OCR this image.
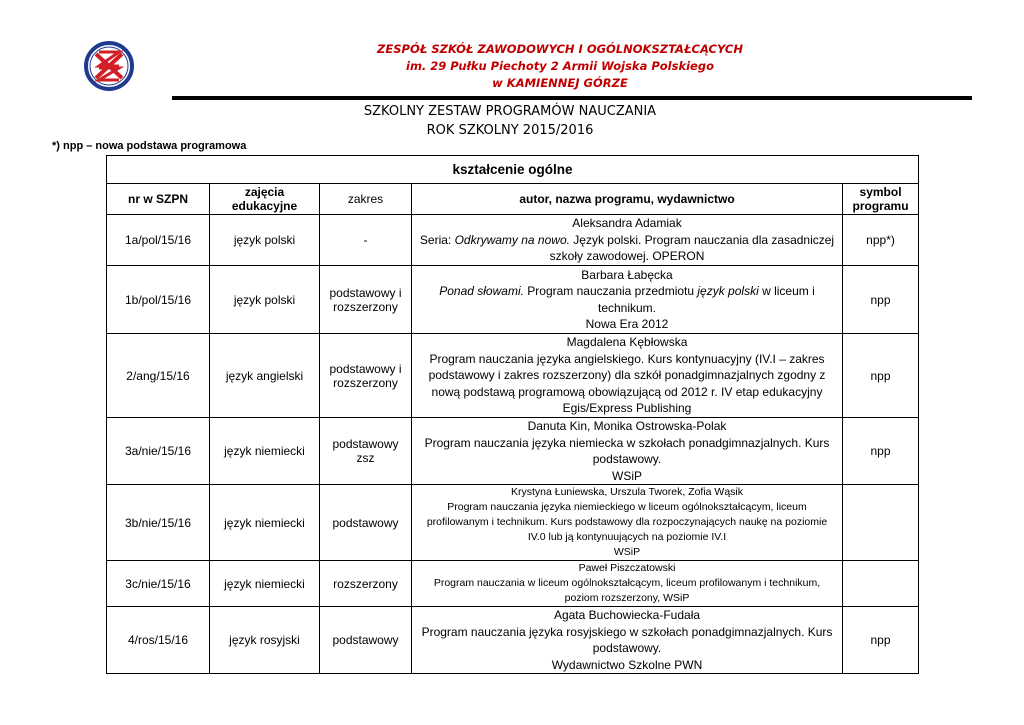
ZESPÓŁ SZKÓŁ ZAWODOWYCH I OGÓLNOKSZTAŁCĄCYCH
im. 29 Pułku Piechoty 2 Armii Wojska Polskiego
w KAMIENNEJ GÓRZE
SZKOLNY ZESTAW PROGRAMÓW NAUCZANIA
ROK SZKOLNY 2015/2016
*) npp – nowa podstawa programowa
kształcenie ogólne				
nr w SZPN	zajęcia edukacyjne	zakres	autor, nazwa programu, wydawnictwo	symbol programu
1a/pol/15/16	język polski	-	Aleksandra Adamiak
Seria: Odkrywamy na nowo. Język polski. Program nauczania dla zasadniczej
szkoły zawodowej. OPERON	npp*)
1b/pol/15/16	język polski	podstawowy i rozszerzony	Barbara Łabęcka
Ponad słowami. Program nauczania przedmiotu język polski w liceum i
technikum.
Nowa Era 2012	npp
2/ang/15/16	język angielski	podstawowy i rozszerzony	Magdalena Kębłowska
Program nauczania języka angielskiego. Kurs kontynuacyjny (IV.I – zakres
podstawowy i zakres rozszerzony) dla szkół ponadgimnazjalnych zgodny z
nową podstawą programową obowiązującą od 2012 r. IV etap edukacyjny
Egis/Express Publishing	npp
3a/nie/15/16	język niemiecki	podstawowy zsz	Danuta Kin, Monika Ostrowska-Polak
Program nauczania języka niemiecka w szkołach ponadgimnazjalnych. Kurs
podstawowy.
WSiP	npp
3b/nie/15/16	język niemiecki	podstawowy	Krystyna Łuniewska, Urszula Tworek, Zofia Wąsik
Program nauczania języka niemieckiego w liceum ogólnokształcącym, liceum
profilowanym i technikum. Kurs podstawowy dla rozpoczynających naukę na poziomie
IV.0 lub ją kontynuujących na poziomie IV.I
WSiP	

3c/nie/15/16	język niemiecki	rozszerzony	Paweł Piszczatowski
Program nauczania w liceum ogólnokształcącym, liceum profilowanym i technikum,
poziom rozszerzony, WSiP	

4/ros/15/16	język rosyjski	podstawowy	Agata Buchowiecka-Fudała
Program nauczania języka rosyjskiego w szkołach ponadgimnazjalnych. Kurs
podstawowy.
Wydawnictwo Szkolne PWN	npp
